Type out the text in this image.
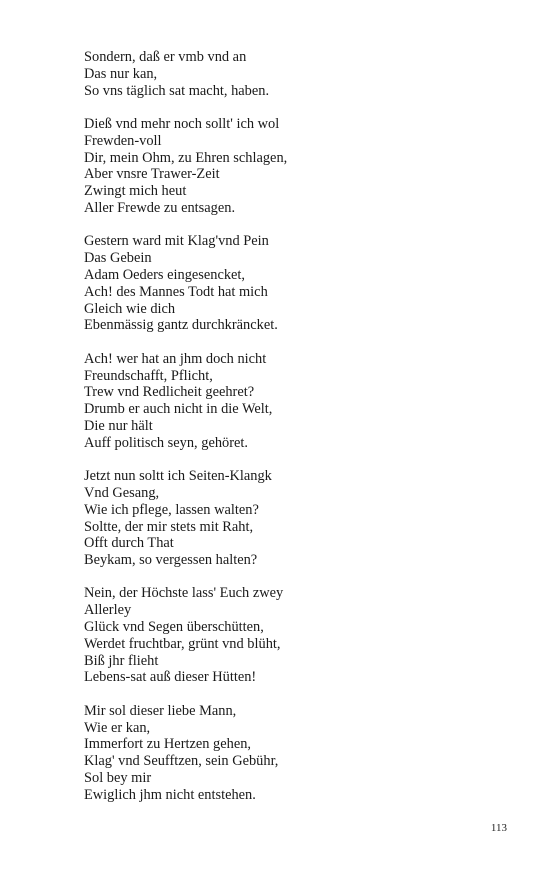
Sondern, daß er vmb vnd an
Das nur kan,
So vns täglich sat macht, haben.
Dieß vnd mehr noch sollt' ich wol
Frewden-voll
Dir, mein Ohm, zu Ehren schlagen,
Aber vnsre Trawer-Zeit
Zwingt mich heut
Aller Frewde zu entsagen.
Gestern ward mit Klag'vnd Pein
Das Gebein
Adam Oeders eingesencket,
Ach! des Mannes Todt hat mich
Gleich wie dich
Ebenmässig gantz durchkräncket.
Ach! wer hat an jhm doch nicht
Freundschafft, Pflicht,
Trew vnd Redlicheit geehret?
Drumb er auch nicht in die Welt,
Die nur hält
Auff politisch seyn, gehöret.
Jetzt nun soltt ich Seiten-Klangk
Vnd Gesang,
Wie ich pflege, lassen walten?
Soltte, der mir stets mit Raht,
Offt durch That
Beykam, so vergessen halten?
Nein, der Höchste lass' Euch zwey
Allerley
Glück vnd Segen überschütten,
Werdet fruchtbar, grünt vnd blüht,
Biß jhr flieht
Lebens-sat auß dieser Hütten!
Mir sol dieser liebe Mann,
Wie er kan,
Immerfort zu Hertzen gehen,
Klag' vnd Seufftzen, sein Gebühr,
Sol bey mir
Ewiglich jhm nicht entstehen.
113
